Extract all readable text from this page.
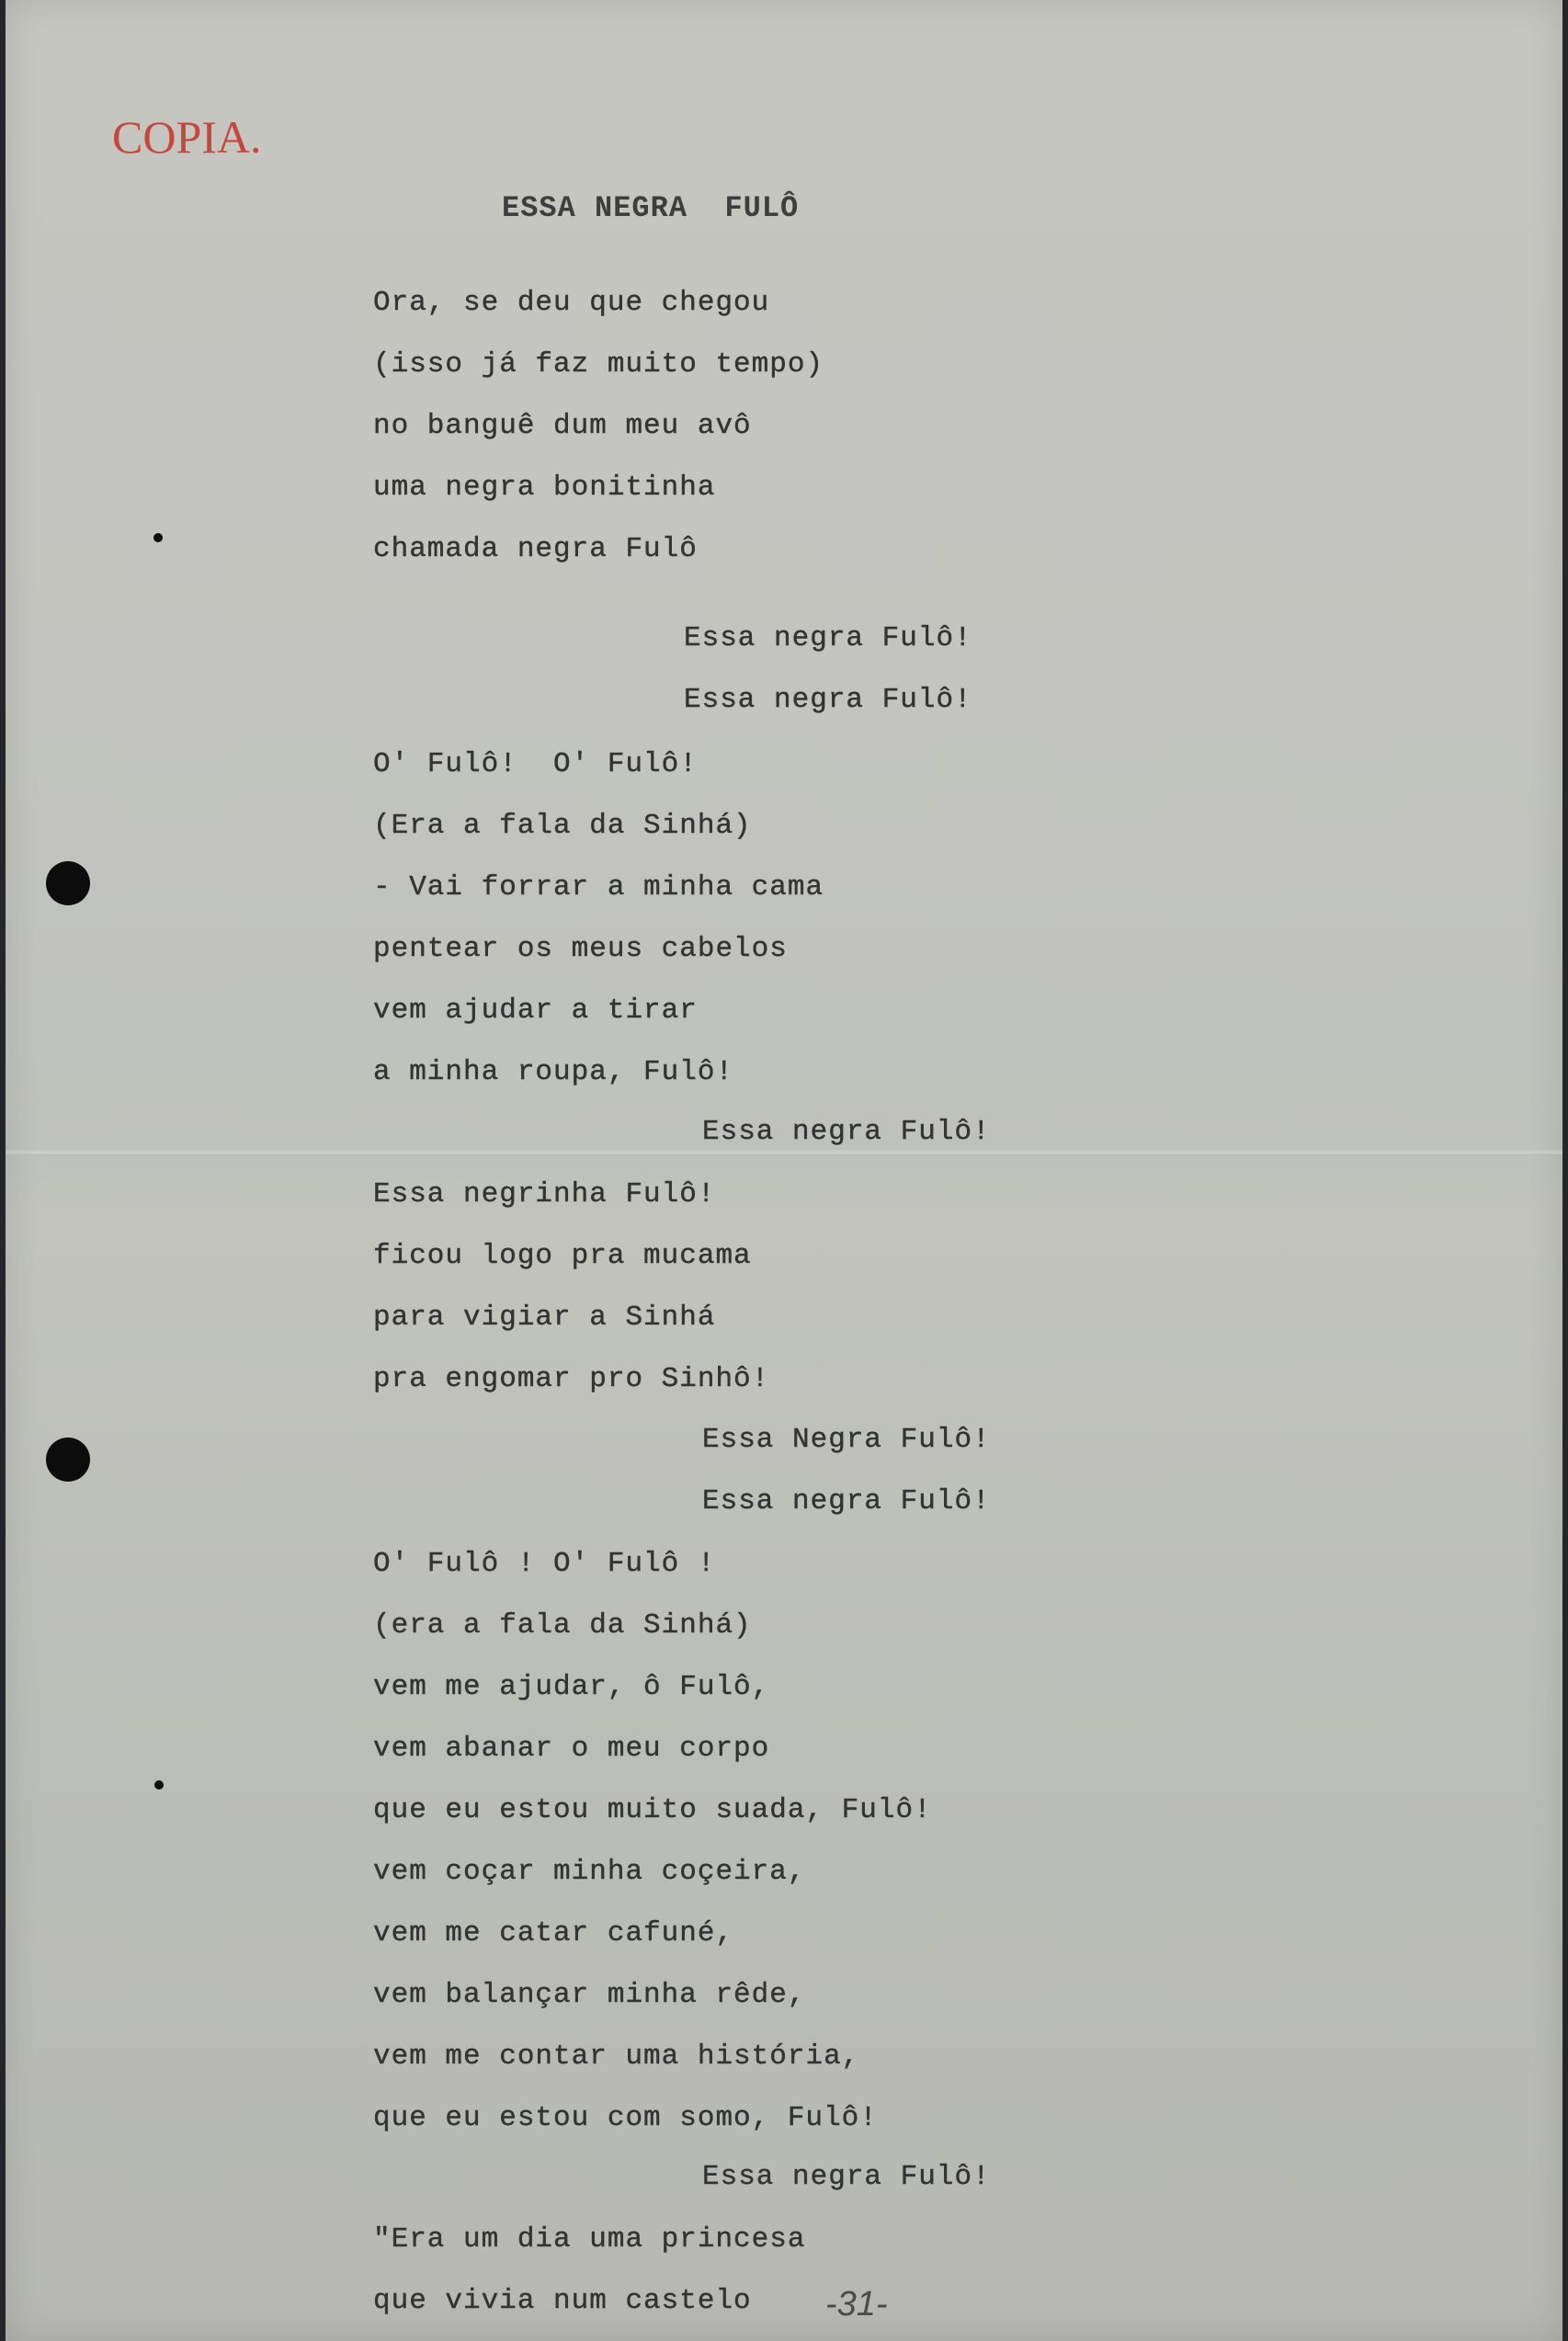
COPIA.
ESSA NEGRA  FULÔ
Ora, se deu que chegou
(isso já faz muito tempo)
no banguê dum meu avô
uma negra bonitinha
chamada negra Fulô
Essa negra Fulô!
Essa negra Fulô!
O' Fulô!  O' Fulô!
(Era a fala da Sinhá)
- Vai forrar a minha cama
pentear os meus cabelos
vem ajudar a tirar
a minha roupa, Fulô!
Essa negra Fulô!
Essa negrinha Fulô!
ficou logo pra mucama
para vigiar a Sinhá
pra engomar pro Sinhô!
Essa Negra Fulô!
Essa negra Fulô!
O' Fulô ! O' Fulô !
(era a fala da Sinhá)
vem me ajudar, ô Fulô,
vem abanar o meu corpo
que eu estou muito suada, Fulô!
vem coçar minha coçeira,
vem me catar cafuné,
vem balançar minha rêde,
vem me contar uma história,
que eu estou com somo, Fulô!
Essa negra Fulô!
"Era um dia uma princesa
que vivia num castelo -31-
